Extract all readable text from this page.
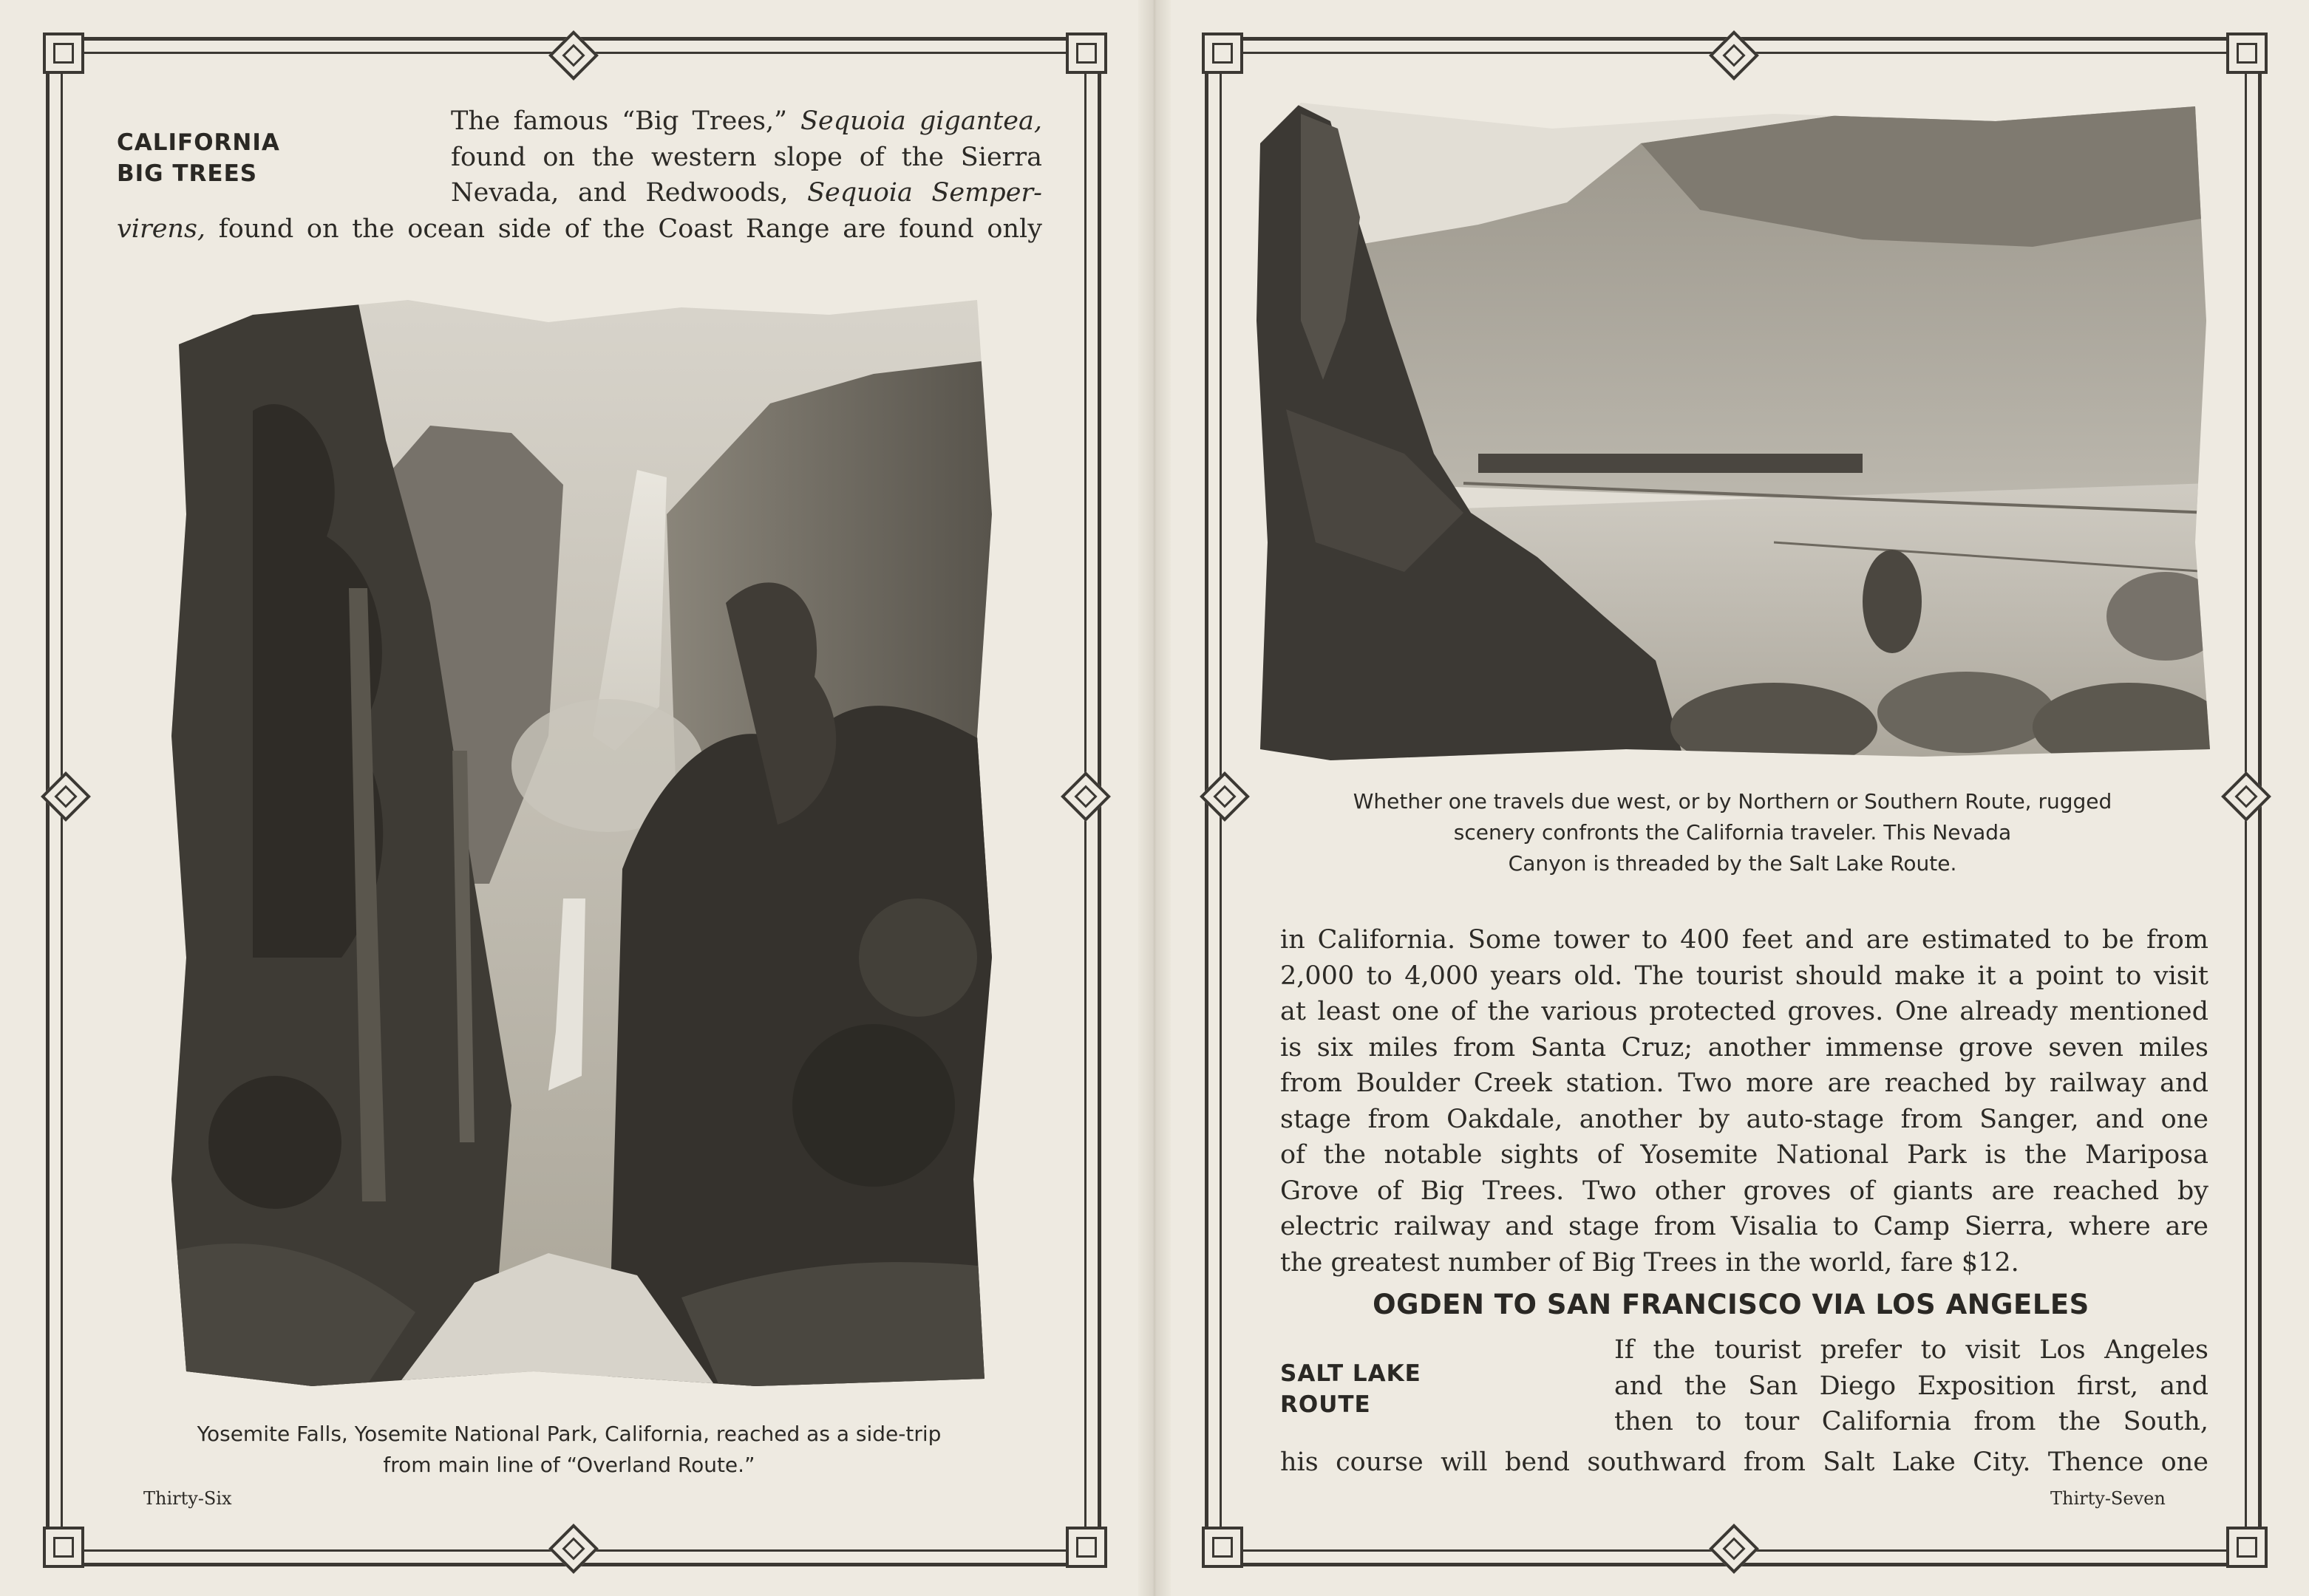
CALIFORNIA
BIG TREES
The famous “Big Trees,” Sequoia gigantea,
found on the western slope of the Sierra
Nevada, and Redwoods, Sequoia Semper-
virens, found on the ocean side of the Coast Range are found only
Yosemite Falls, Yosemite National Park, California, reached as a side-trip
from main line of “Overland Route.”
Thirty-Six
Whether one travels due west, or by Northern or Southern Route, rugged
scenery confronts the California traveler. This Nevada
Canyon is threaded by the Salt Lake Route.
in California. Some tower to 400 feet and are estimated to be from
2,000 to 4,000 years old. The tourist should make it a point to visit
at least one of the various protected groves. One already mentioned
is six miles from Santa Cruz; another immense grove seven miles
from Boulder Creek station. Two more are reached by railway and
stage from Oakdale, another by auto-stage from Sanger, and one
of the notable sights of Yosemite National Park is the Mariposa
Grove of Big Trees. Two other groves of giants are reached by
electric railway and stage from Visalia to Camp Sierra, where are
the greatest number of Big Trees in the world, fare $12.
OGDEN TO SAN FRANCISCO VIA LOS ANGELES
SALT LAKE
ROUTE
If the tourist prefer to visit Los Angeles
and the San Diego Exposition first, and
then to tour California from the South,
his course will bend southward from Salt Lake City. Thence one
Thirty-Seven
